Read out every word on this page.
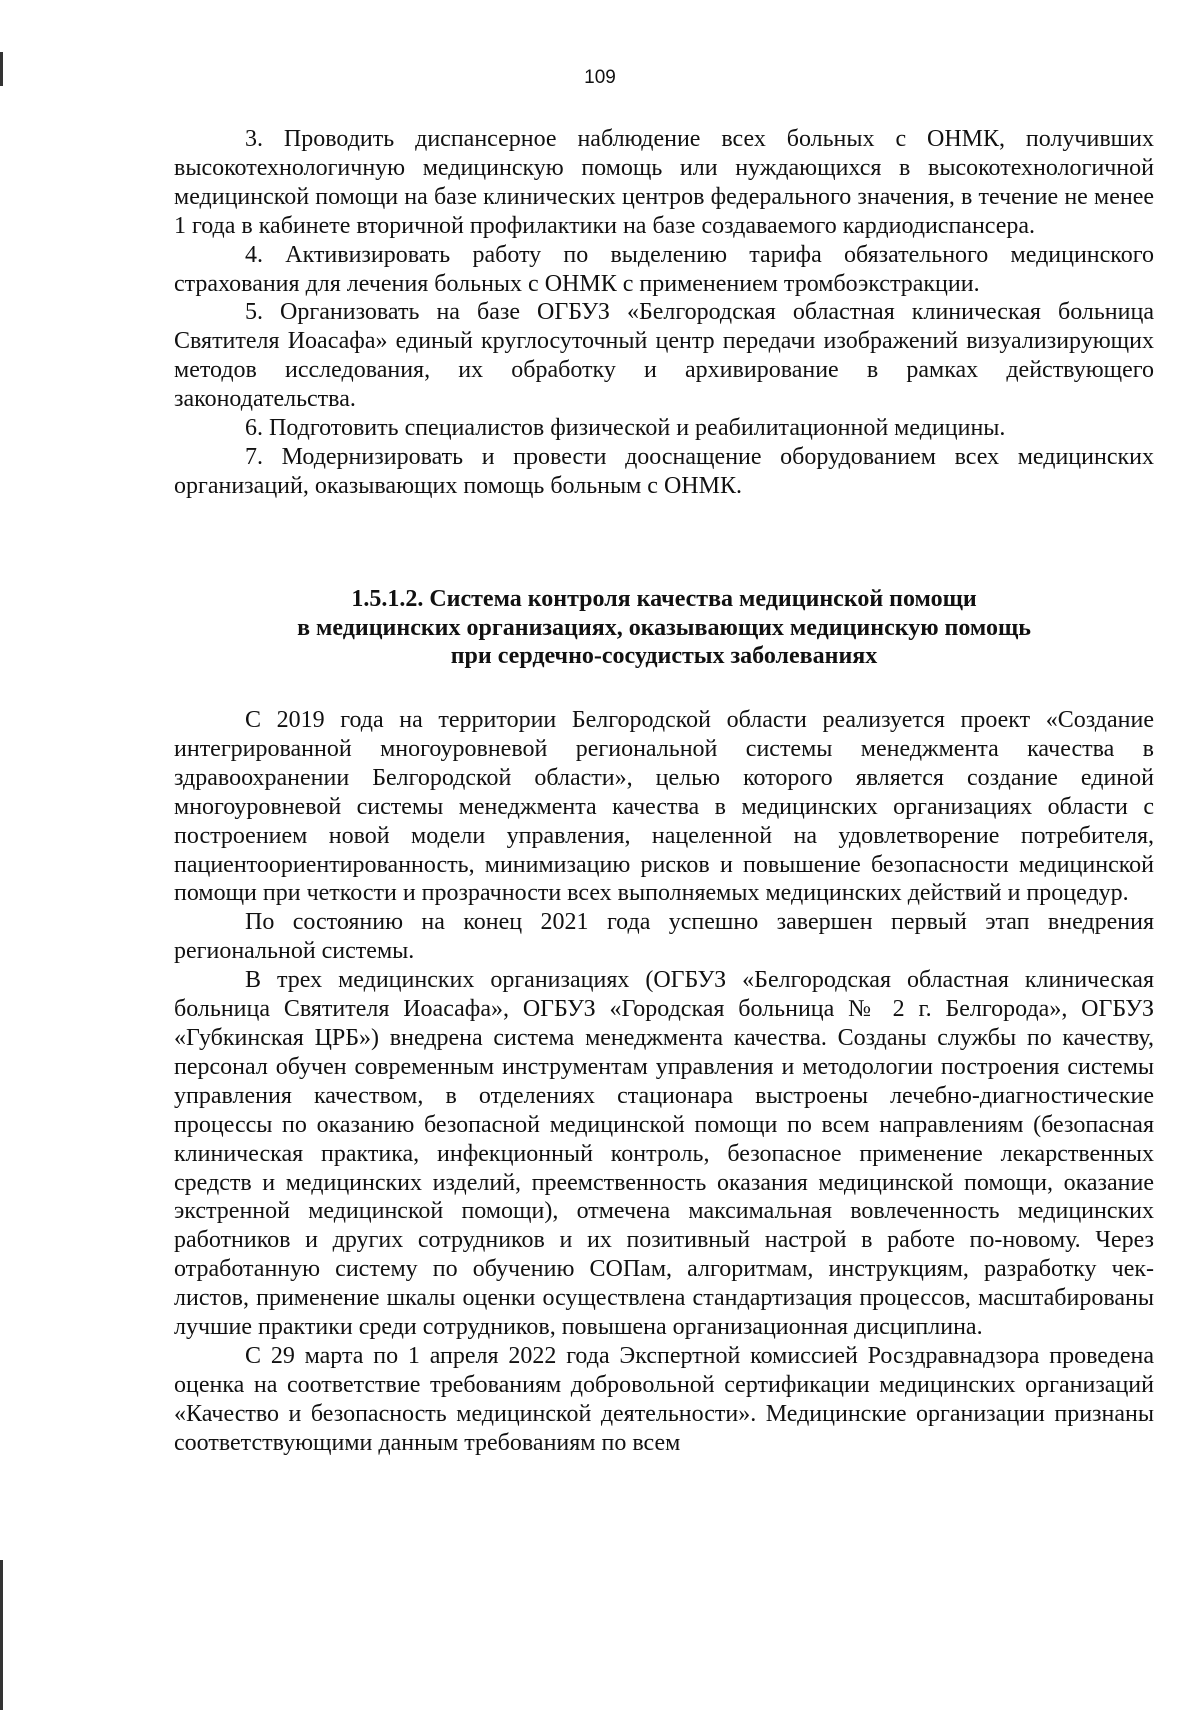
109

3. Проводить диспансерное наблюдение всех больных с ОНМК, получивших высокотехнологичную медицинскую помощь или нуждающихся в высокотехнологичной медицинской помощи на базе клинических центров федерального значения, в течение не менее 1 года в кабинете вторичной профилактики на базе создаваемого кардиодиспансера.

4. Активизировать работу по выделению тарифа обязательного медицинского страхования для лечения больных с ОНМК с применением тромбоэкстракции.

5. Организовать на базе ОГБУЗ «Белгородская областная клиническая больница Святителя Иоасафа» единый круглосуточный центр передачи изображений визуализирующих методов исследования, их обработку и архивирование в рамках действующего законодательства.

6. Подготовить специалистов физической и реабилитационной медицины.

7. Модернизировать и провести дооснащение оборудованием всех медицинских организаций, оказывающих помощь больным с ОНМК.

1.5.1.2. Система контроля качества медицинской помощи
в медицинских организациях, оказывающих медицинскую помощь
при сердечно-сосудистых заболеваниях

С 2019 года на территории Белгородской области реализуется проект «Создание интегрированной многоуровневой региональной системы менеджмента качества в здравоохранении Белгородской области», целью которого является создание единой многоуровневой системы менеджмента качества в медицинских организациях области с построением новой модели управления, нацеленной на удовлетворение потребителя, пациентоориентированность, минимизацию рисков и повышение безопасности медицинской помощи при четкости и прозрачности всех выполняемых медицинских действий и процедур.

По состоянию на конец 2021 года успешно завершен первый этап внедрения региональной системы.

В трех медицинских организациях (ОГБУЗ «Белгородская областная клиническая больница Святителя Иоасафа», ОГБУЗ «Городская больница № 2 г. Белгорода», ОГБУЗ «Губкинская ЦРБ») внедрена система менеджмента качества. Созданы службы по качеству, персонал обучен современным инструментам управления и методологии построения системы управления качеством, в отделениях стационара выстроены лечебно-диагностические процессы по оказанию безопасной медицинской помощи по всем направлениям (безопасная клиническая практика, инфекционный контроль, безопасное применение лекарственных средств и медицинских изделий, преемственность оказания медицинской помощи, оказание экстренной медицинской помощи), отмечена максимальная вовлеченность медицинских работников и других сотрудников и их позитивный настрой в работе по-новому. Через отработанную систему по обучению СОПам, алгоритмам, инструкциям, разработку чек-листов, применение шкалы оценки осуществлена стандартизация процессов, масштабированы лучшие практики среди сотрудников, повышена организационная дисциплина.

С 29 марта по 1 апреля 2022 года Экспертной комиссией Росздравнадзора проведена оценка на соответствие требованиям добровольной сертификации медицинских организаций «Качество и безопасность медицинской деятельности». Медицинские организации признаны соответствующими данным требованиям по всем
